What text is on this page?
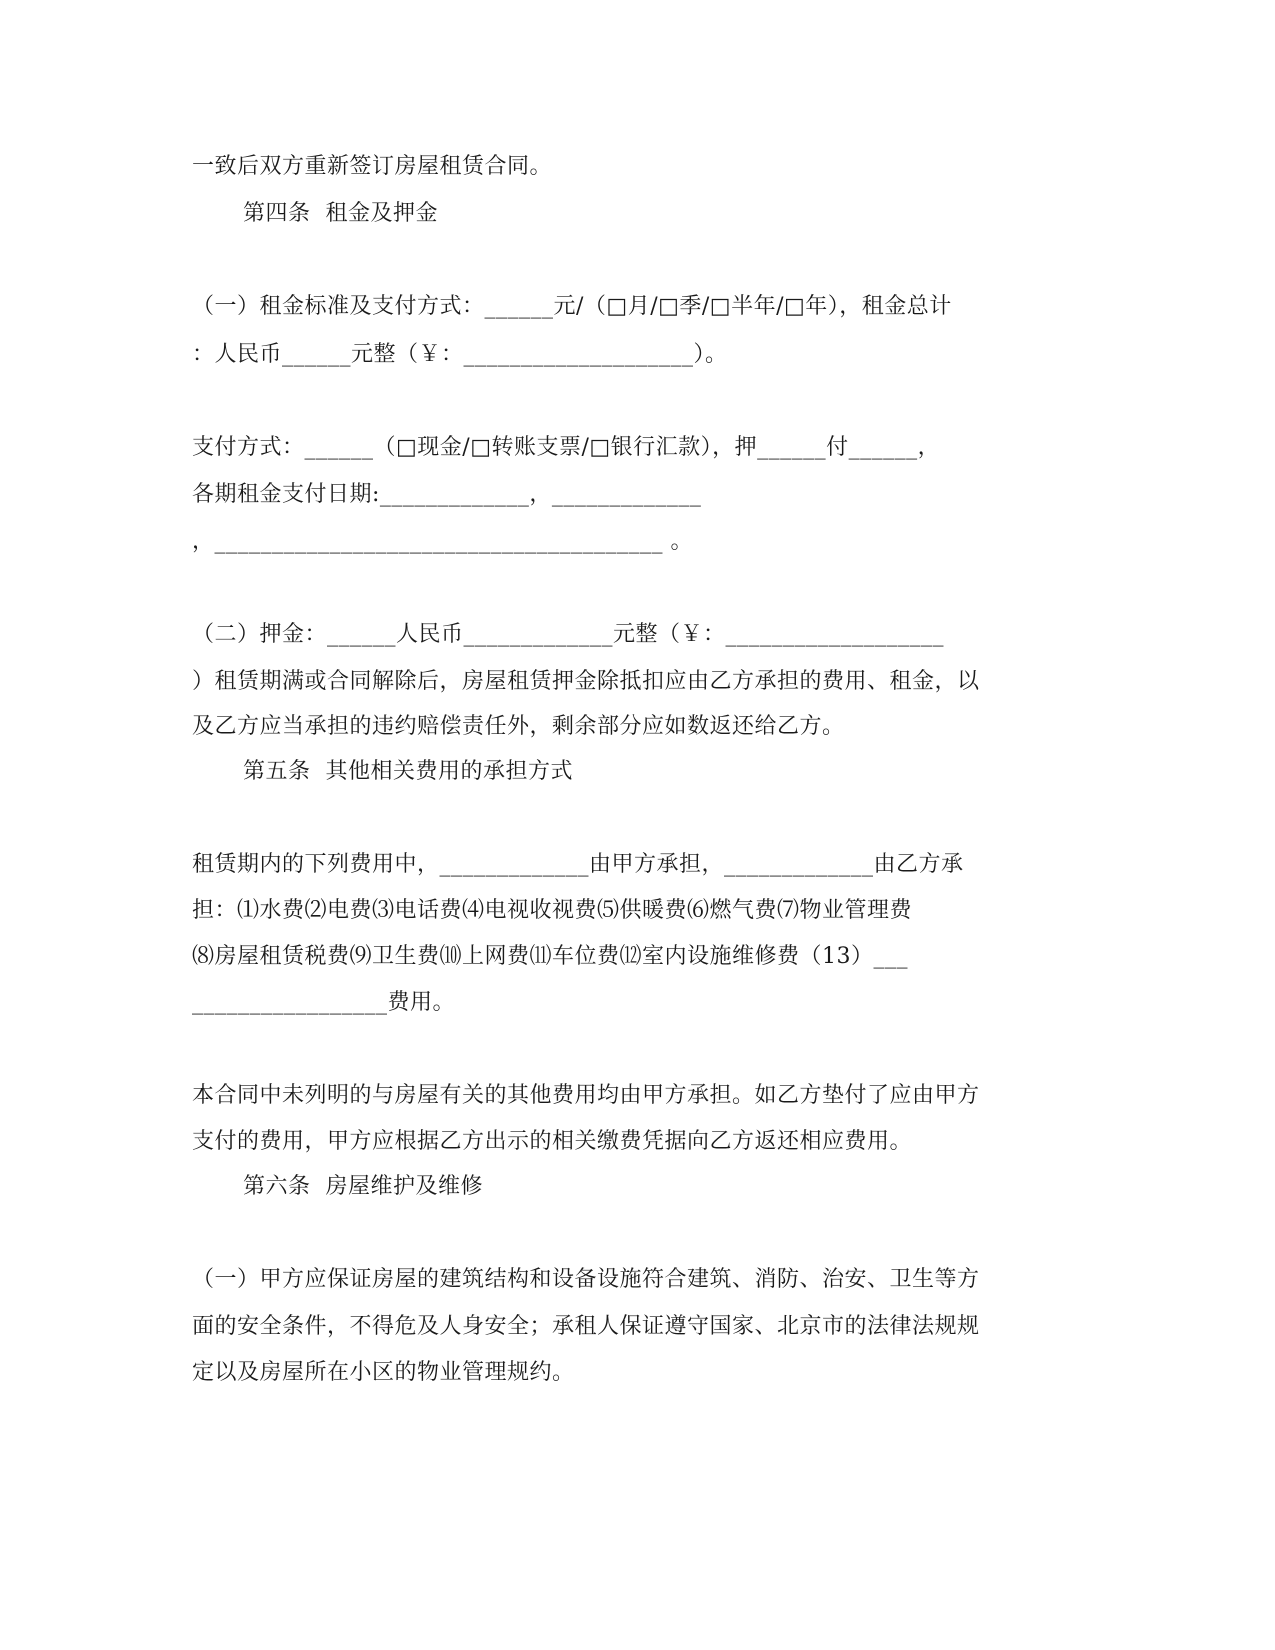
一致后双方重新签订房屋租赁合同。
第四条  租金及押金
（一）租金标准及支付方式：______元/（□月/□季/□半年/□年），租金总计
：人民币______元整（￥：____________________）。
支付方式：______（□现金/□转账支票/□银行汇款），押______付______，
各期租金支付日期:_____________，_____________
，_______________________________________ 。
（二）押金：______人民币_____________元整（￥：___________________
）租赁期满或合同解除后，房屋租赁押金除抵扣应由乙方承担的费用、租金，以
及乙方应当承担的违约赔偿责任外，剩余部分应如数返还给乙方。
第五条  其他相关费用的承担方式
租赁期内的下列费用中，_____________由甲方承担，_____________由乙方承
担：⑴水费⑵电费⑶电话费⑷电视收视费⑸供暖费⑹燃气费⑺物业管理费
⑻房屋租赁税费⑼卫生费⑽上网费⑾车位费⑿室内设施维修费（13）___
_________________费用。
本合同中未列明的与房屋有关的其他费用均由甲方承担。如乙方垫付了应由甲方
支付的费用，甲方应根据乙方出示的相关缴费凭据向乙方返还相应费用。
第六条  房屋维护及维修
（一）甲方应保证房屋的建筑结构和设备设施符合建筑、消防、治安、卫生等方
面的安全条件，不得危及人身安全；承租人保证遵守国家、北京市的法律法规规
定以及房屋所在小区的物业管理规约。
